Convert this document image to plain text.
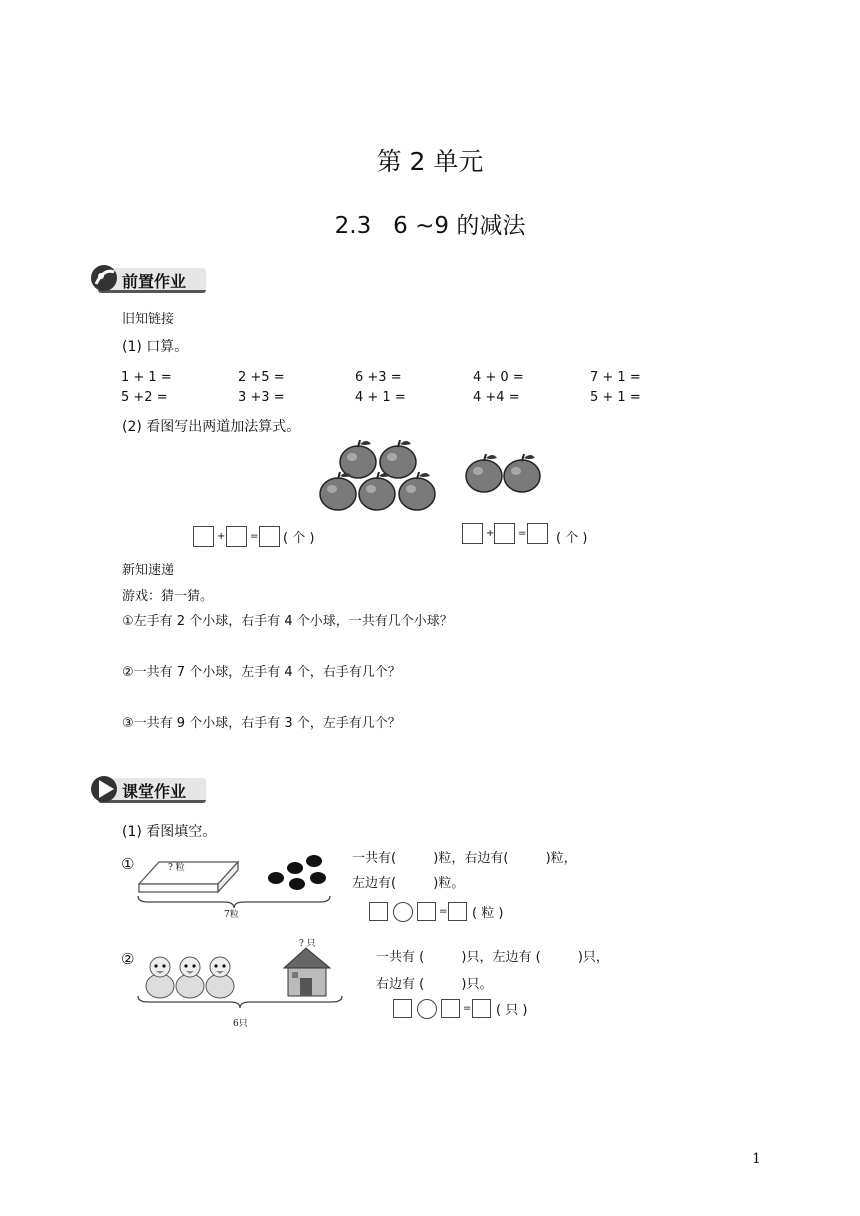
第 2 单元
2.3   6 ~9 的减法
前置作业
旧知链接
(1) 口算。
1 + 1 =	2 +5 =	6 +3 =	4 + 0 =	7 + 1 =
5 +2 =	3 +3 =	4 + 1 =	4 +4 =	5 + 1 =
(2) 看图写出两道加法算式。
+ = ( 个 )	+ = ( 个 )
新知速递
游戏：猜一猜。
①左手有 2 个小球，右手有 4 个小球，一共有几个小球？
②一共有 7 个小球，左手有 4 个，右手有几个？
③一共有 9 个小球，右手有 3 个，左手有几个？
课堂作业
(1) 看图填空。
①	? 粒
7粒
一共有(         )粒，右边有(         )粒，
左边有(         )粒。
= ( 粒 )
②
? 只
6只
一共有 (         )只，左边有 (         )只，
右边有 (         )只。
= ( 只 )
1
